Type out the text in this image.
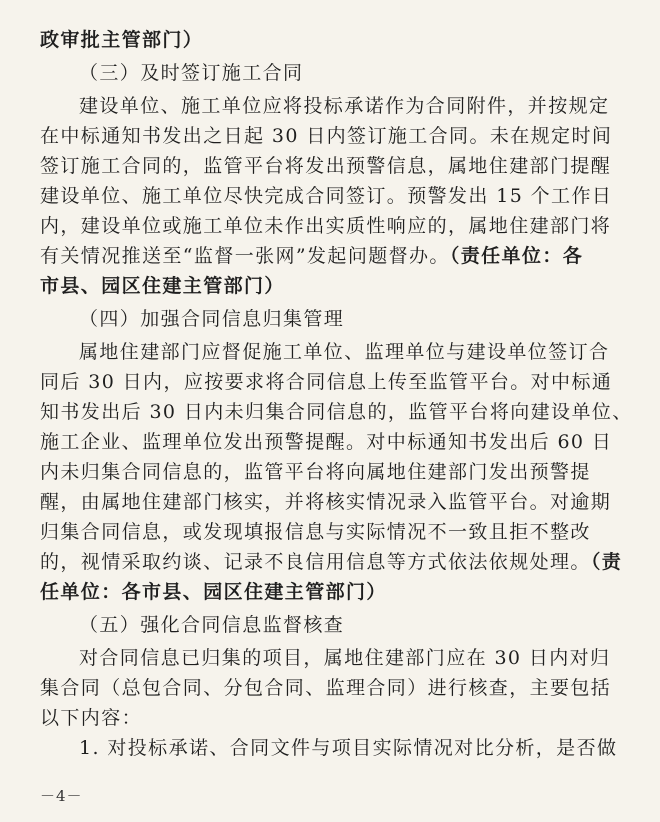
政审批主管部门）
（三）及时签订施工合同
建设单位、施工单位应将投标承诺作为合同附件，并按规定
在中标通知书发出之日起 30 日内签订施工合同。未在规定时间
签订施工合同的，监管平台将发出预警信息，属地住建部门提醒
建设单位、施工单位尽快完成合同签订。预警发出 15 个工作日
内，建设单位或施工单位未作出实质性响应的，属地住建部门将
有关情况推送至“监督一张网”发起问题督办。（责任单位：各
市县、园区住建主管部门）
（四）加强合同信息归集管理
属地住建部门应督促施工单位、监理单位与建设单位签订合
同后 30 日内，应按要求将合同信息上传至监管平台。对中标通
知书发出后 30 日内未归集合同信息的，监管平台将向建设单位、
施工企业、监理单位发出预警提醒。对中标通知书发出后 60 日
内未归集合同信息的，监管平台将向属地住建部门发出预警提
醒，由属地住建部门核实，并将核实情况录入监管平台。对逾期
归集合同信息，或发现填报信息与实际情况不一致且拒不整改
的，视情采取约谈、记录不良信用信息等方式依法依规处理。（责
任单位：各市县、园区住建主管部门）
（五）强化合同信息监督核查
对合同信息已归集的项目，属地住建部门应在 30 日内对归
集合同（总包合同、分包合同、监理合同）进行核查，主要包括
以下内容：
1. 对投标承诺、合同文件与项目实际情况对比分析，是否做
－4－
